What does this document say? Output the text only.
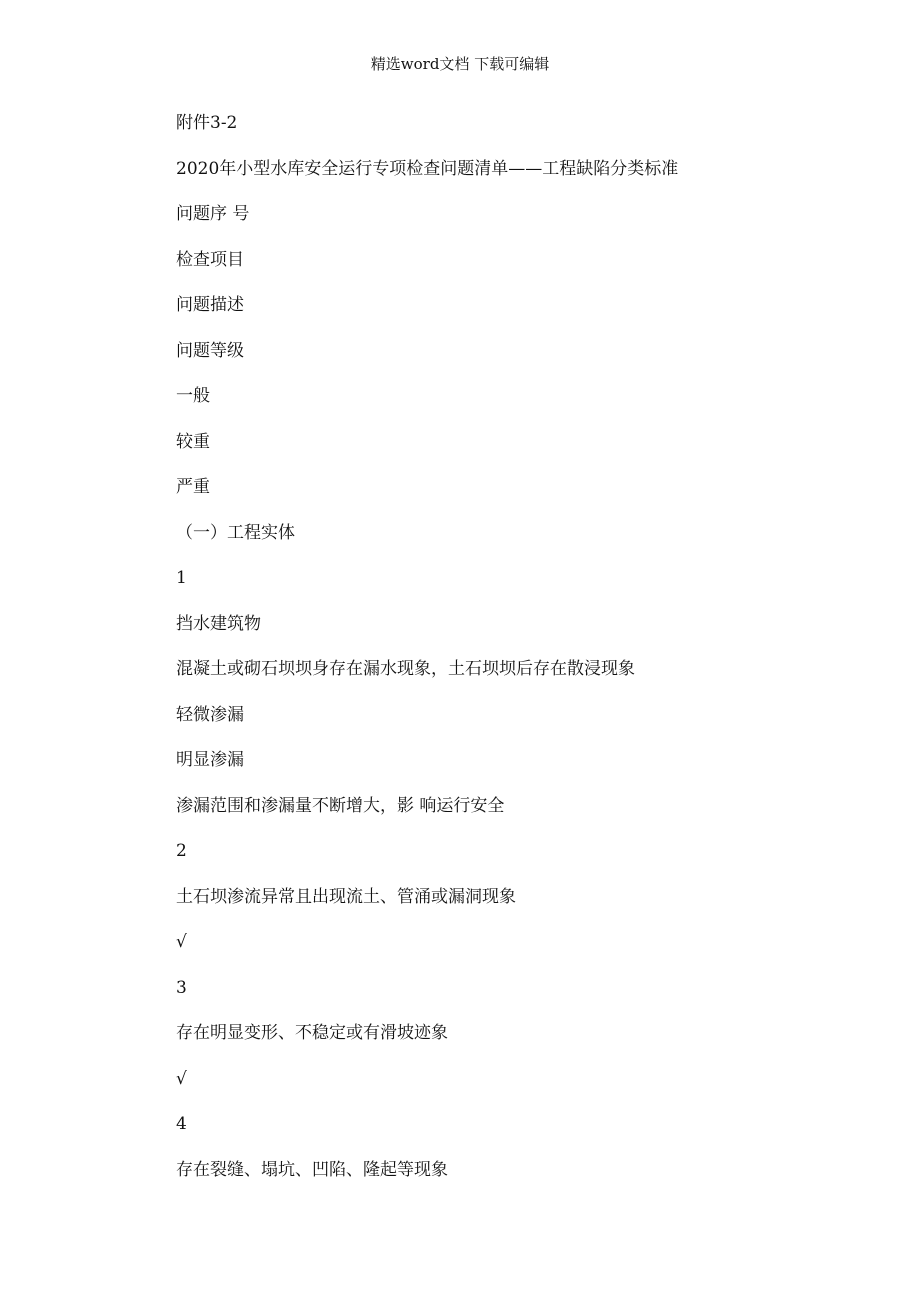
精选word文档 下载可编辑
附件3-2
2020年小型水库安全运行专项检查问题清单——工程缺陷分类标准
问题序 号
检查项目
问题描述
问题等级
一般
较重
严重
（一）工程实体
1
挡水建筑物
混凝土或砌石坝坝身存在漏水现象，土石坝坝后存在散浸现象
轻微渗漏
明显渗漏
渗漏范围和渗漏量不断增大，影 响运行安全
2
土石坝渗流异常且出现流土、管涌或漏洞现象
√
3
存在明显变形、不稳定或有滑坡迹象
√
4
存在裂缝、塌坑、凹陷、隆起等现象
